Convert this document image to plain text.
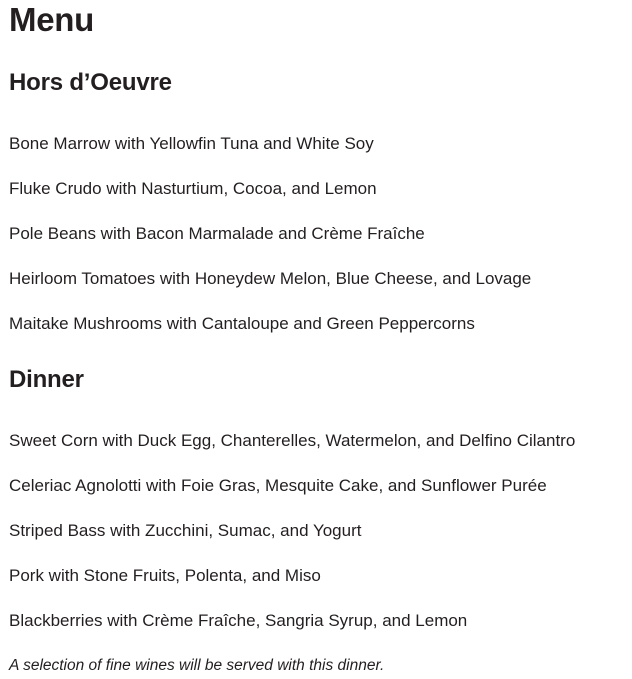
Menu
Hors d’Oeuvre
Bone Marrow with Yellowfin Tuna and White Soy
Fluke Crudo with Nasturtium, Cocoa, and Lemon
Pole Beans with Bacon Marmalade and Crème Fraîche
Heirloom Tomatoes with Honeydew Melon, Blue Cheese, and Lovage
Maitake Mushrooms with Cantaloupe and Green Peppercorns
Dinner
Sweet Corn with Duck Egg, Chanterelles, Watermelon, and Delfino Cilantro
Celeriac Agnolotti with Foie Gras, Mesquite Cake, and Sunflower Purée
Striped Bass with Zucchini, Sumac, and Yogurt
Pork with Stone Fruits, Polenta, and Miso
Blackberries with Crème Fraîche, Sangria Syrup, and Lemon

A selection of fine wines will be served with this dinner.
